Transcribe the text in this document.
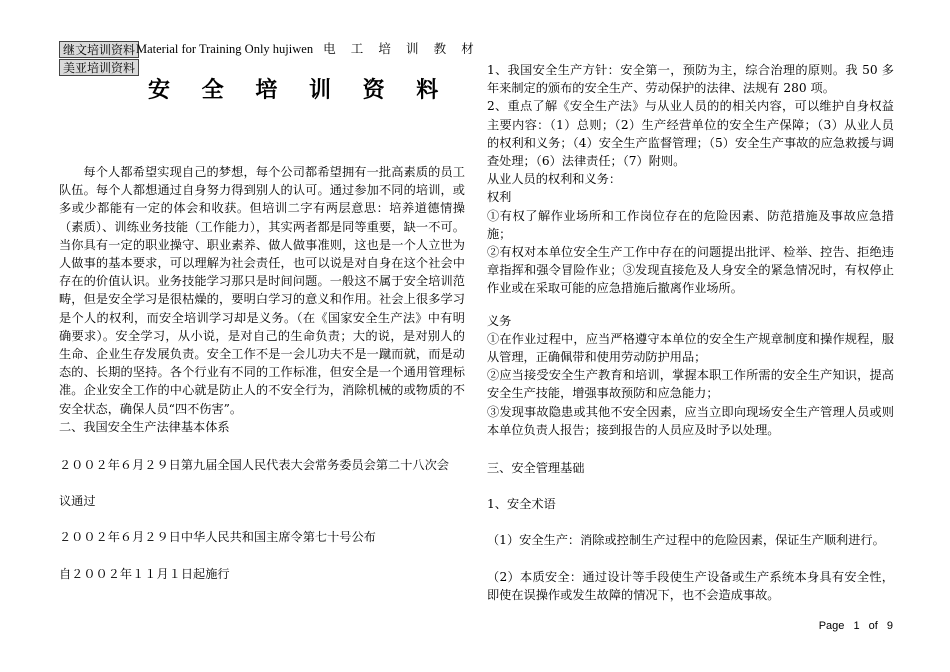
继文培训资料
美亚培训资料
Material for Training Only hujiwen 电 工 培 训 教 材
安 全 培 训 资 料

每个人都希望实现自己的梦想，每个公司都希望拥有一批高素质的员工队伍。每个人都想通过自身努力得到别人的认可。通过参加不同的培训，或多或少都能有一定的体会和收获。但培训二字有两层意思：培养道德情操（素质）、训练业务技能（工作能力），其实两者都是同等重要，缺一不可。当你具有一定的职业操守、职业素养、做人做事准则，这也是一个人立世为人做事的基本要求，可以理解为社会责任，也可以说是对自身在这个社会中存在的价值认识。业务技能学习那只是时间问题。一般这不属于安全培训范畴，但是安全学习是很枯燥的，要明白学习的意义和作用。社会上很多学习是个人的权利，而安全培训学习却是义务。（在《国家安全生产法》中有明确要求）。安全学习，从小说，是对自己的生命负责；大的说，是对别人的生命、企业生存发展负责。安全工作不是一会儿功夫不是一蹴而就，而是动态的、长期的坚持。各个行业有不同的工作标准，但安全是一个通用管理标准。企业安全工作的中心就是防止人的不安全行为，消除机械的或物质的不安全状态，确保人员“四不伤害”。

二、我国安全生产法律基本体系

２００２年６月２９日第九届全国人民代表大会常务委员会第二十八次会

议通过

２００２年６月２９日中华人民共和国主席令第七十号公布

自２００２年１１月１日起施行

1、我国安全生产方针：安全第一，预防为主，综合治理的原则。我 50 多年来制定的颁布的安全生产、劳动保护的法律、法规有 280 项。

2、重点了解《安全生产法》与从业人员的的相关内容，可以维护自身权益主要内容：（1）总则；（2）生产经营单位的安全生产保障；（3）从业人员的权利和义务；（4）安全生产监督管理；（5）安全生产事故的应急救援与调查处理；（6）法律责任；（7）附则。

从业人员的权利和义务：

权利

①有权了解作业场所和工作岗位存在的危险因素、防范措施及事故应急措施；

②有权对本单位安全生产工作中存在的问题提出批评、检举、控告、拒绝违章指挥和强令冒险作业；③发现直接危及人身安全的紧急情况时，有权停止作业或在采取可能的应急措施后撤离作业场所。

义务

①在作业过程中，应当严格遵守本单位的安全生产规章制度和操作规程，服从管理，正确佩带和使用劳动防护用品；

②应当接受安全生产教育和培训，掌握本职工作所需的安全生产知识，提高安全生产技能，增强事故预防和应急能力；

③发现事故隐患或其他不安全因素，应当立即向现场安全生产管理人员或则本单位负责人报告；接到报告的人员应及时予以处理。

三、安全管理基础

1、安全术语

（1）安全生产：消除或控制生产过程中的危险因素，保证生产顺利进行。

（2）本质安全：通过设计等手段使生产设备或生产系统本身具有安全性，即使在误操作或发生故障的情况下，也不会造成事故。

Page 1 of 9
